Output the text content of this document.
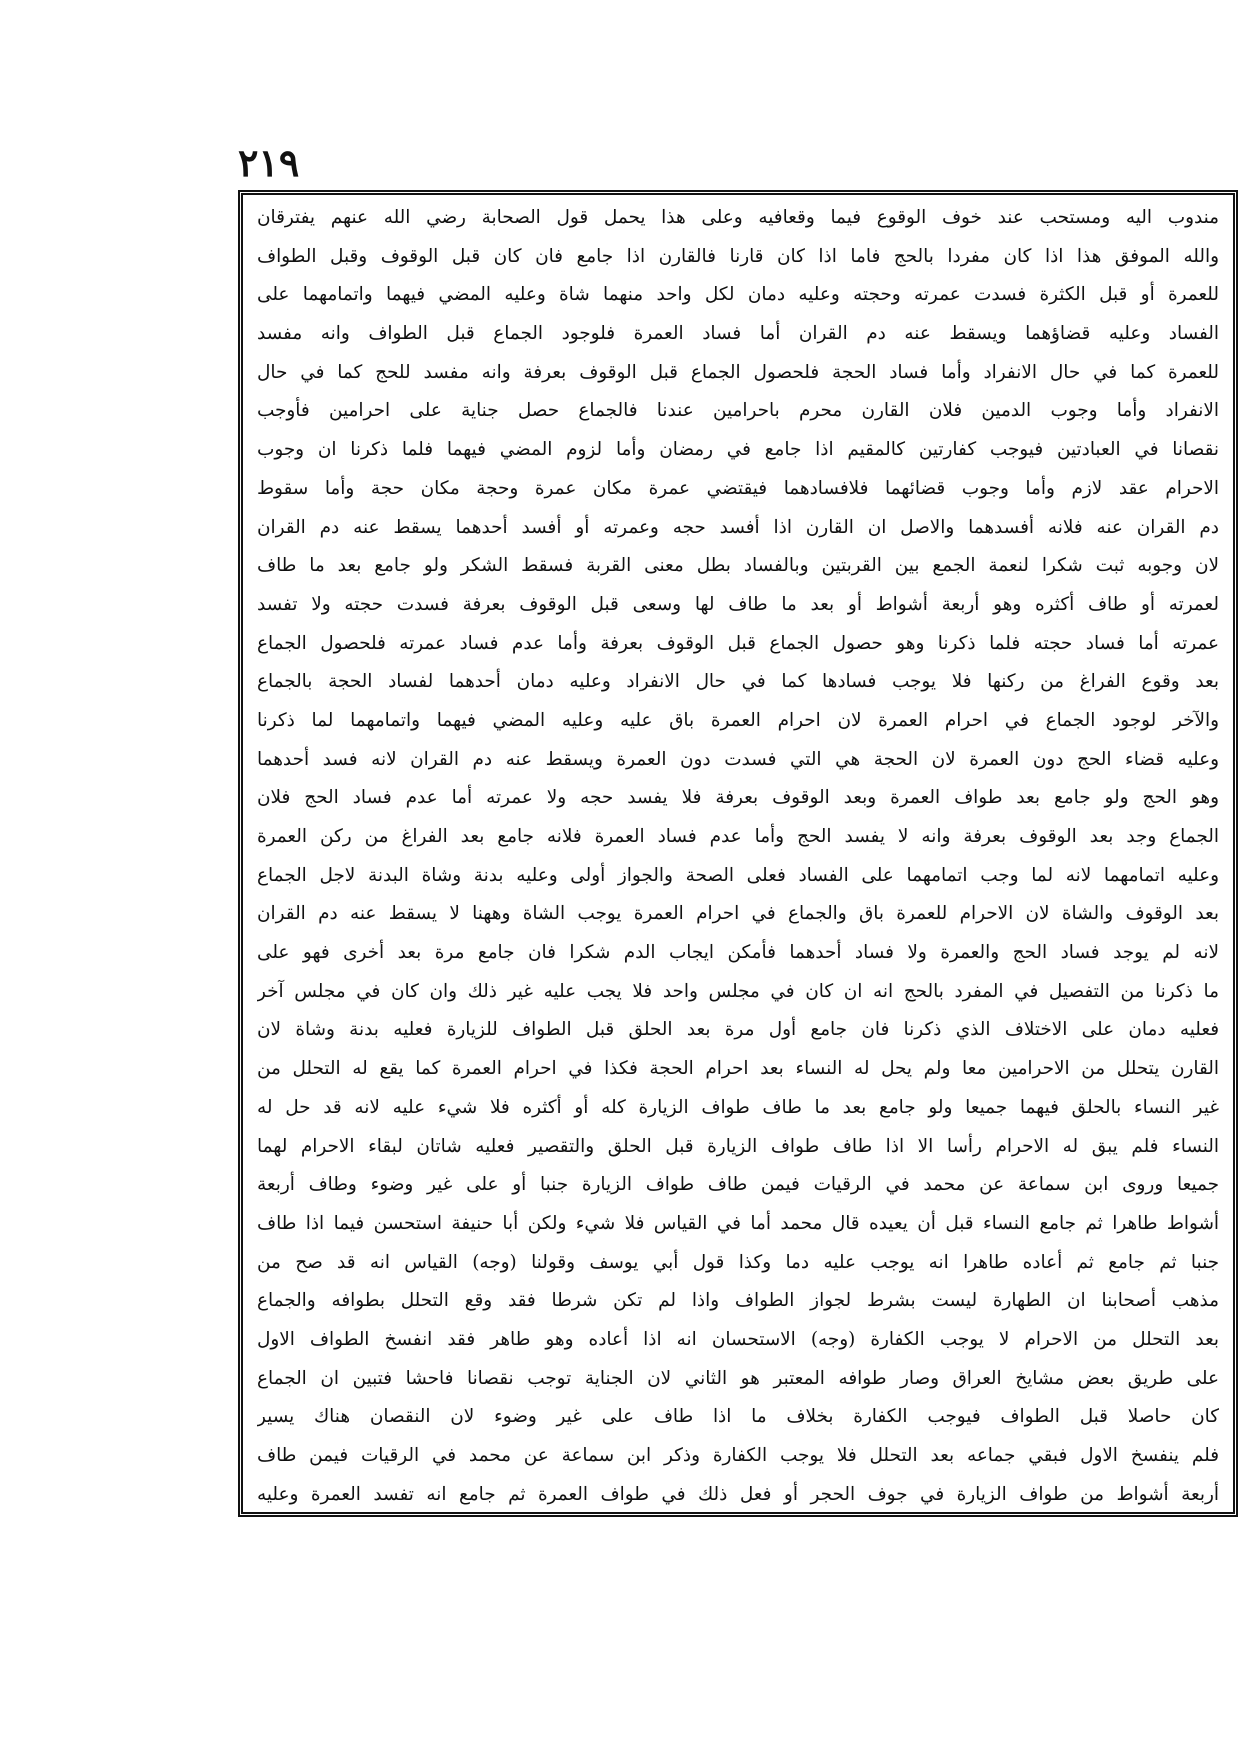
٢١٩
مندوب اليه ومستحب عند خوف الوقوع فيما وقعافيه وعلى هذا يحمل قول الصحابة رضي الله عنهم يفترقان
والله الموفق هذا اذا كان مفردا بالحج فاما اذا كان قارنا فالقارن اذا جامع فان كان قبل الوقوف وقبل الطواف
للعمرة أو قبل الكثرة فسدت عمرته وحجته وعليه دمان لكل واحد منهما شاة وعليه المضي فيهما واتمامهما على
الفساد وعليه قضاؤهما ويسقط عنه دم القران أما فساد العمرة فلوجود الجماع قبل الطواف وانه مفسد
للعمرة كما في حال الانفراد وأما فساد الحجة فلحصول الجماع قبل الوقوف بعرفة وانه مفسد للحج كما في حال
الانفراد وأما وجوب الدمين فلان القارن محرم باحرامين عندنا فالجماع حصل جناية على احرامين فأوجب
نقصانا في العبادتين فيوجب كفارتين كالمقيم اذا جامع في رمضان وأما لزوم المضي فيهما فلما ذكرنا ان وجوب
الاحرام عقد لازم وأما وجوب قضائهما فلافسادهما فيقتضي عمرة مكان عمرة وحجة مكان حجة وأما سقوط
دم القران عنه فلانه أفسدهما والاصل ان القارن اذا أفسد حجه وعمرته أو أفسد أحدهما يسقط عنه دم القران
لان وجوبه ثبت شكرا لنعمة الجمع بين القربتين وبالفساد بطل معنى القربة فسقط الشكر ولو جامع بعد ما طاف
لعمرته أو طاف أكثره وهو أربعة أشواط أو بعد ما طاف لها وسعى قبل الوقوف بعرفة فسدت حجته ولا تفسد
عمرته أما فساد حجته فلما ذكرنا وهو حصول الجماع قبل الوقوف بعرفة وأما عدم فساد عمرته فلحصول الجماع
بعد وقوع الفراغ من ركنها فلا يوجب فسادها كما في حال الانفراد وعليه دمان أحدهما لفساد الحجة بالجماع
والآخر لوجود الجماع في احرام العمرة لان احرام العمرة باق عليه وعليه المضي فيهما واتمامهما لما ذكرنا
وعليه قضاء الحج دون العمرة لان الحجة هي التي فسدت دون العمرة ويسقط عنه دم القران لانه فسد أحدهما
وهو الحج ولو جامع بعد طواف العمرة وبعد الوقوف بعرفة فلا يفسد حجه ولا عمرته أما عدم فساد الحج فلان
الجماع وجد بعد الوقوف بعرفة وانه لا يفسد الحج وأما عدم فساد العمرة فلانه جامع بعد الفراغ من ركن العمرة
وعليه اتمامهما لانه لما وجب اتمامهما على الفساد فعلى الصحة والجواز أولى وعليه بدنة وشاة البدنة لاجل الجماع
بعد الوقوف والشاة لان الاحرام للعمرة باق والجماع في احرام العمرة يوجب الشاة وههنا لا يسقط عنه دم القران
لانه لم يوجد فساد الحج والعمرة ولا فساد أحدهما فأمكن ايجاب الدم شكرا فان جامع مرة بعد أخرى فهو على
ما ذكرنا من التفصيل في المفرد بالحج انه ان كان في مجلس واحد فلا يجب عليه غير ذلك وان كان في مجلس آخر
فعليه دمان على الاختلاف الذي ذكرنا فان جامع أول مرة بعد الحلق قبل الطواف للزيارة فعليه بدنة وشاة لان
القارن يتحلل من الاحرامين معا ولم يحل له النساء بعد احرام الحجة فكذا في احرام العمرة كما يقع له التحلل من
غير النساء بالحلق فيهما جميعا ولو جامع بعد ما طاف طواف الزيارة كله أو أكثره فلا شيء عليه لانه قد حل له
النساء فلم يبق له الاحرام رأسا الا اذا طاف طواف الزيارة قبل الحلق والتقصير فعليه شاتان لبقاء الاحرام لهما
جميعا وروى ابن سماعة عن محمد في الرقيات فيمن طاف طواف الزيارة جنبا أو على غير وضوء وطاف أربعة
أشواط طاهرا ثم جامع النساء قبل أن يعيده قال محمد أما في القياس فلا شيء ولكن أبا حنيفة استحسن فيما اذا طاف
جنبا ثم جامع ثم أعاده طاهرا انه يوجب عليه دما وكذا قول أبي يوسف وقولنا (وجه) القياس انه قد صح من
مذهب أصحابنا ان الطهارة ليست بشرط لجواز الطواف واذا لم تكن شرطا فقد وقع التحلل بطوافه والجماع
بعد التحلل من الاحرام لا يوجب الكفارة (وجه) الاستحسان انه اذا أعاده وهو طاهر فقد انفسخ الطواف الاول
على طريق بعض مشايخ العراق وصار طوافه المعتبر هو الثاني لان الجناية توجب نقصانا فاحشا فتبين ان الجماع
كان حاصلا قبل الطواف فيوجب الكفارة بخلاف ما اذا طاف على غير وضوء لان النقصان هناك يسير
فلم ينفسخ الاول فبقي جماعه بعد التحلل فلا يوجب الكفارة وذكر ابن سماعة عن محمد في الرقيات فيمن طاف
أربعة أشواط من طواف الزيارة في جوف الحجر أو فعل ذلك في طواف العمرة ثم جامع انه تفسد العمرة وعليه
